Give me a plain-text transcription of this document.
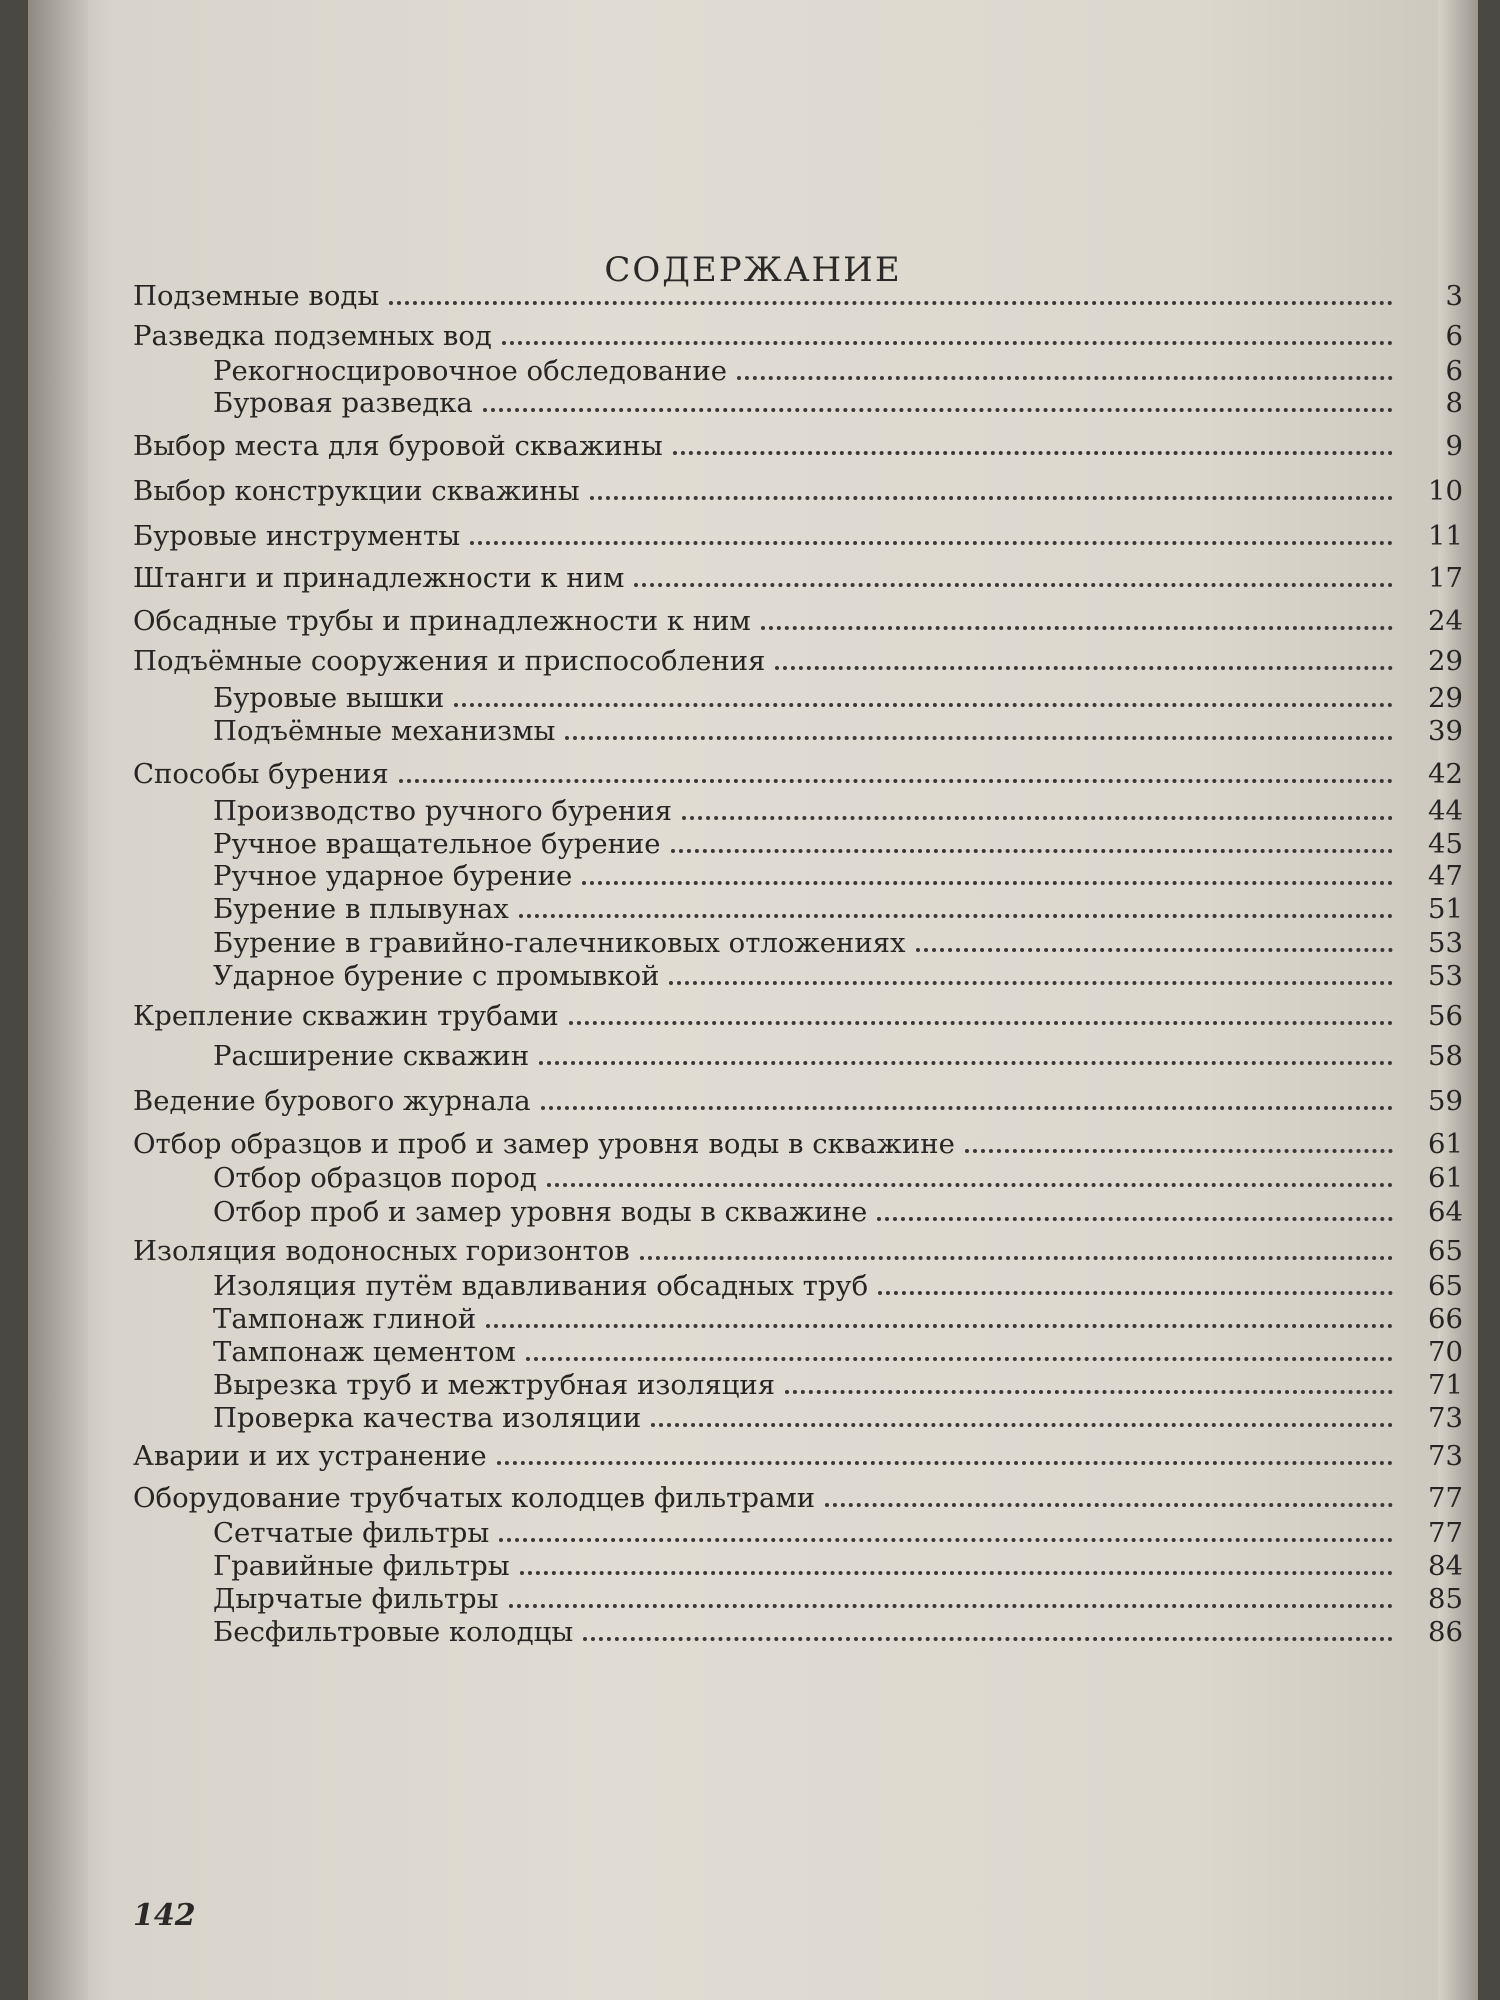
СОДЕРЖАНИЕ
Подземные воды	3
Разведка подземных вод	6
Рекогносцировочное обследование	6
Буровая разведка	8
Выбор места для буровой скважины	9
Выбор конструкции скважины	10
Буровые инструменты	11
Штанги и принадлежности к ним	17
Обсадные трубы и принадлежности к ним	24
Подъёмные сооружения и приспособления	29
Буровые вышки	29
Подъёмные механизмы	39
Способы бурения	42
Производство ручного бурения	44
Ручное вращательное бурение	45
Ручное ударное бурение	47
Бурение в плывунах	51
Бурение в гравийно-галечниковых отложениях	53
Ударное бурение с промывкой	53
Крепление скважин трубами	56
Расширение скважин	58
Ведение бурового журнала	59
Отбор образцов и проб и замер уровня воды в скважине	61
Отбор образцов пород	61
Отбор проб и замер уровня воды в скважине	64
Изоляция водоносных горизонтов	65
Изоляция путём вдавливания обсадных труб	65
Тампонаж глиной	66
Тампонаж цементом	70
Вырезка труб и межтрубная изоляция	71
Проверка качества изоляции	73
Аварии и их устранение	73
Оборудование трубчатых колодцев фильтрами	77
Сетчатые фильтры	77
Гравийные фильтры	84
Дырчатые фильтры	85
Бесфильтровые колодцы	86
142
